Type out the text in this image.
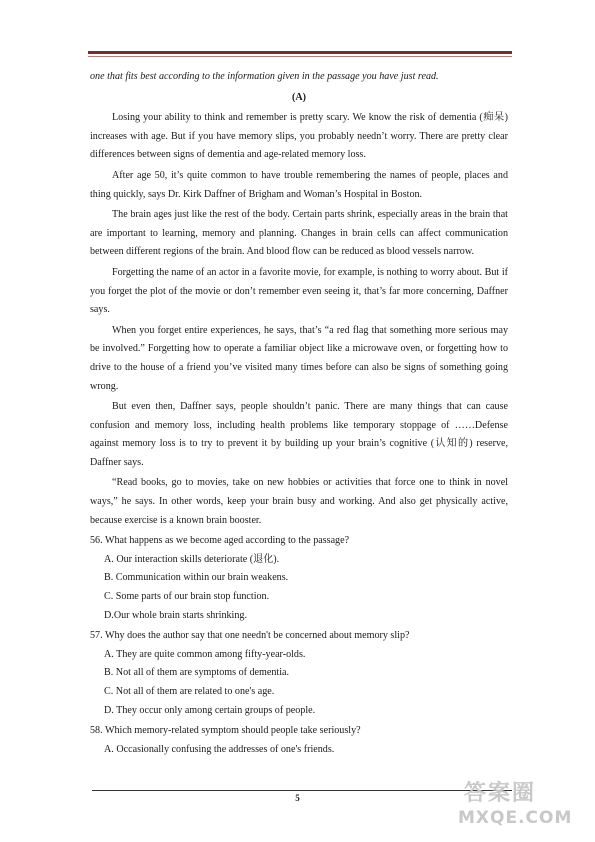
one that fits best according to the information given in the passage you have just read.

(A)

Losing your ability to think and remember is pretty scary. We know the risk of dementia (痴呆) increases with age. But if you have memory slips, you probably needn’t worry. There are pretty clear differences between signs of dementia and age-related memory loss.

After age 50, it’s quite common to have trouble remembering the names of people, places and thing quickly, says Dr. Kirk Daffner of Brigham and Woman’s Hospital in Boston.

The brain ages just like the rest of the body. Certain parts shrink, especially areas in the brain that are important to learning, memory and planning. Changes in brain cells can affect communication between different regions of the brain. And blood flow can be reduced as blood vessels narrow.

Forgetting the name of an actor in a favorite movie, for example, is nothing to worry about. But if you forget the plot of the movie or don’t remember even seeing it, that’s far more concerning, Daffner says.

When you forget entire experiences, he says, that’s “a red flag that something more serious may be involved.” Forgetting how to operate a familiar object like a microwave oven, or forgetting how to drive to the house of a friend you’ve visited many times before can also be signs of something going wrong.

But even then, Daffner says, people shouldn’t panic. There are many things that can cause confusion and memory loss, including health problems like temporary stoppage of ……Defense against memory loss is to try to prevent it by building up your brain’s cognitive (认知的) reserve, Daffner says.

“Read books, go to movies, take on new hobbies or activities that force one to think in novel ways,” he says. In other words, keep your brain busy and working. And also get physically active, because exercise is a known brain booster.

56. What happens as we become aged according to the passage?

A. Our interaction skills deteriorate (退化).

B. Communication within our brain weakens.

C. Some parts of our brain stop function.

D.Our whole brain starts shrinking.

57. Why does the author say that one needn't be concerned about memory slip?

A. They are quite common among fifty-year-olds.

B. Not all of them are symptoms of dementia.

C. Not all of them are related to one's age.

D. They occur only among certain groups of people.

58. Which memory-related symptom should people take seriously?

A. Occasionally confusing the addresses of one's friends.

5	答案圈
MXQE.COM
